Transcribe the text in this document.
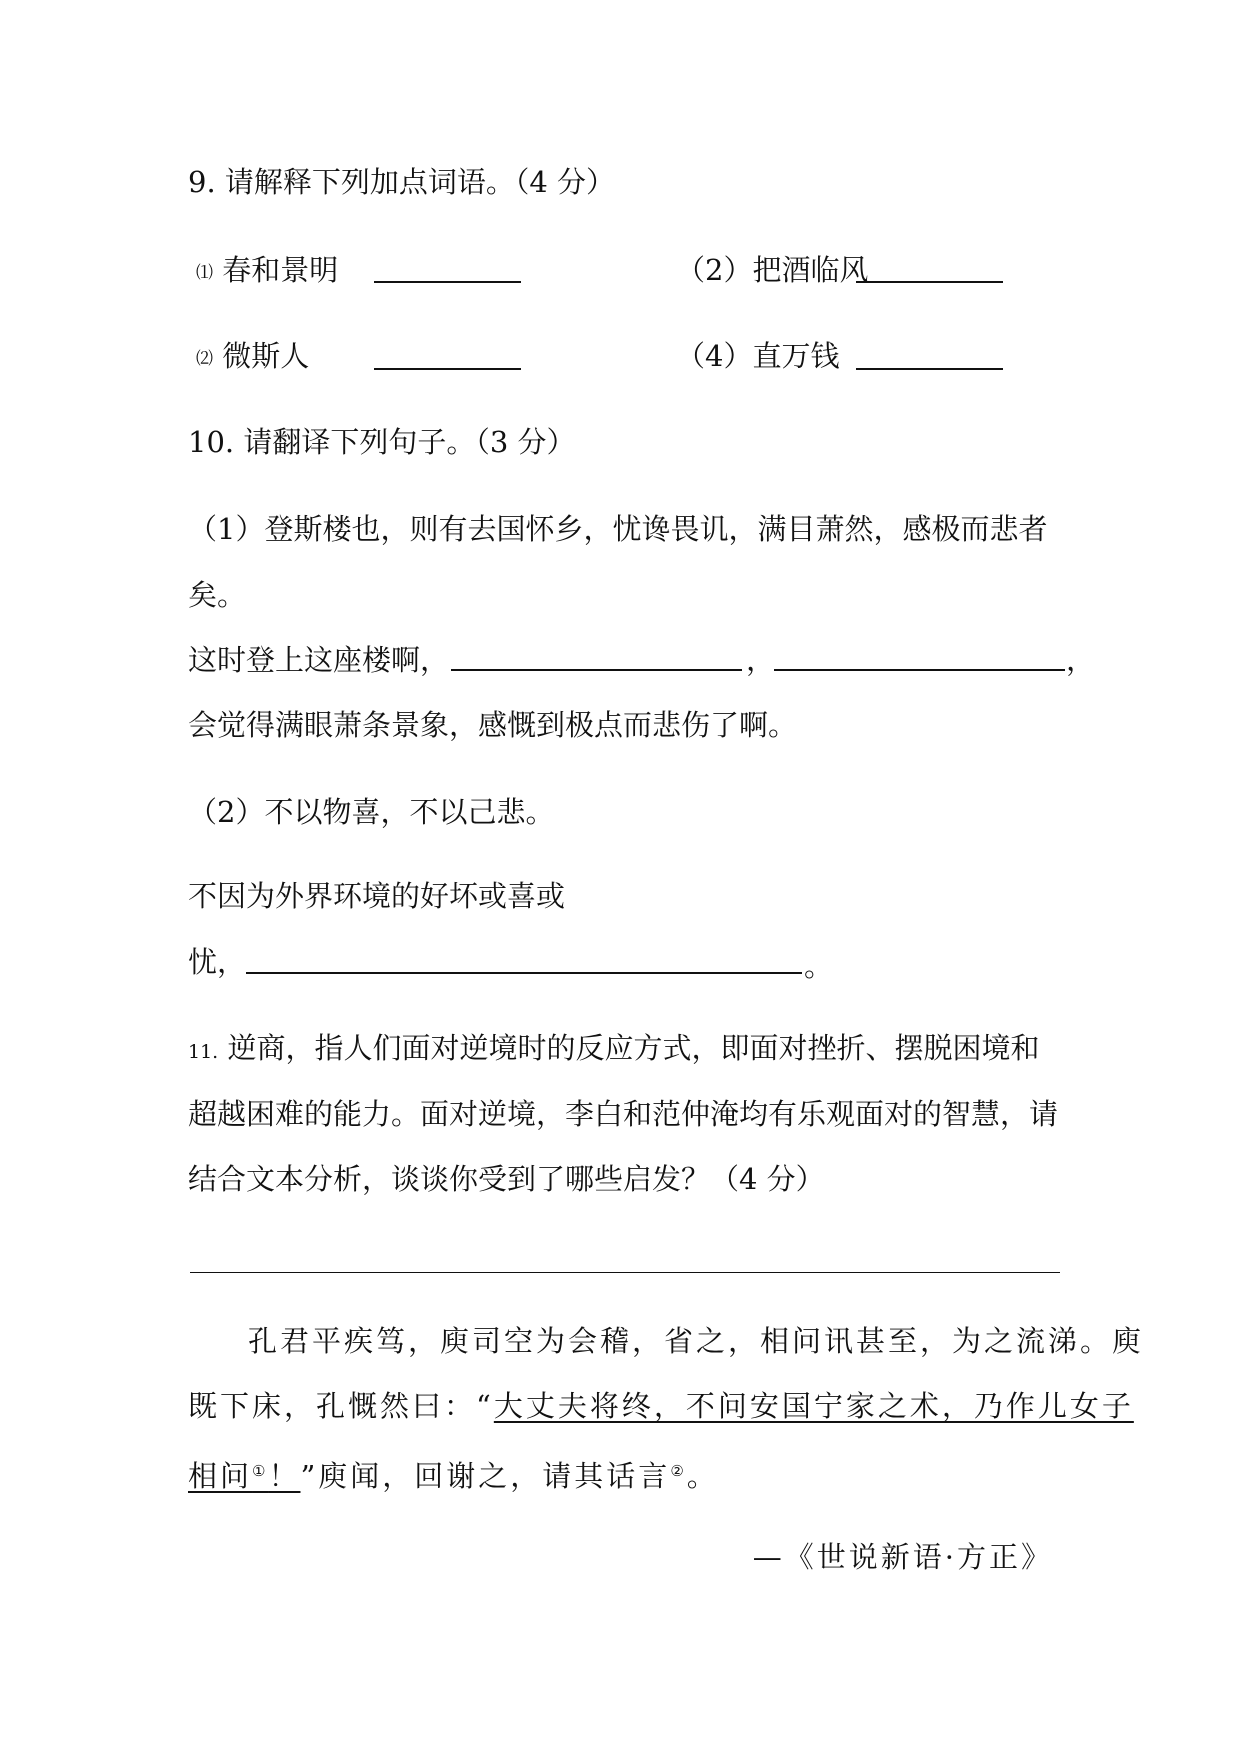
9. 请解释下列加点词语。（4 分）
⑴ 春和景明	（2）把酒临风
⑵ 微斯人	（4）直万钱
10. 请翻译下列句子。（3 分）
（1）登斯楼也，则有去国怀乡，忧谗畏讥，满目萧然，感极而悲者
矣。
这时登上这座楼啊，	，	，
会觉得满眼萧条景象，感慨到极点而悲伤了啊。
（2）不以物喜，不以己悲。
不因为外界环境的好坏或喜或
忧，	。
11. 逆商，指人们面对逆境时的反应方式，即面对挫折、摆脱困境和
超越困难的能力。面对逆境，李白和范仲淹均有乐观面对的智慧，请
结合文本分析，谈谈你受到了哪些启发？（4 分）
孔君平疾笃，庾司空为会稽，省之，相问讯甚至，为之流涕。庾
既下床，孔慨然曰：“大丈夫将终，不问安国宁家之术，乃作儿女子
相问①！”庾闻，回谢之，请其话言②。
—《世说新语·方正》
